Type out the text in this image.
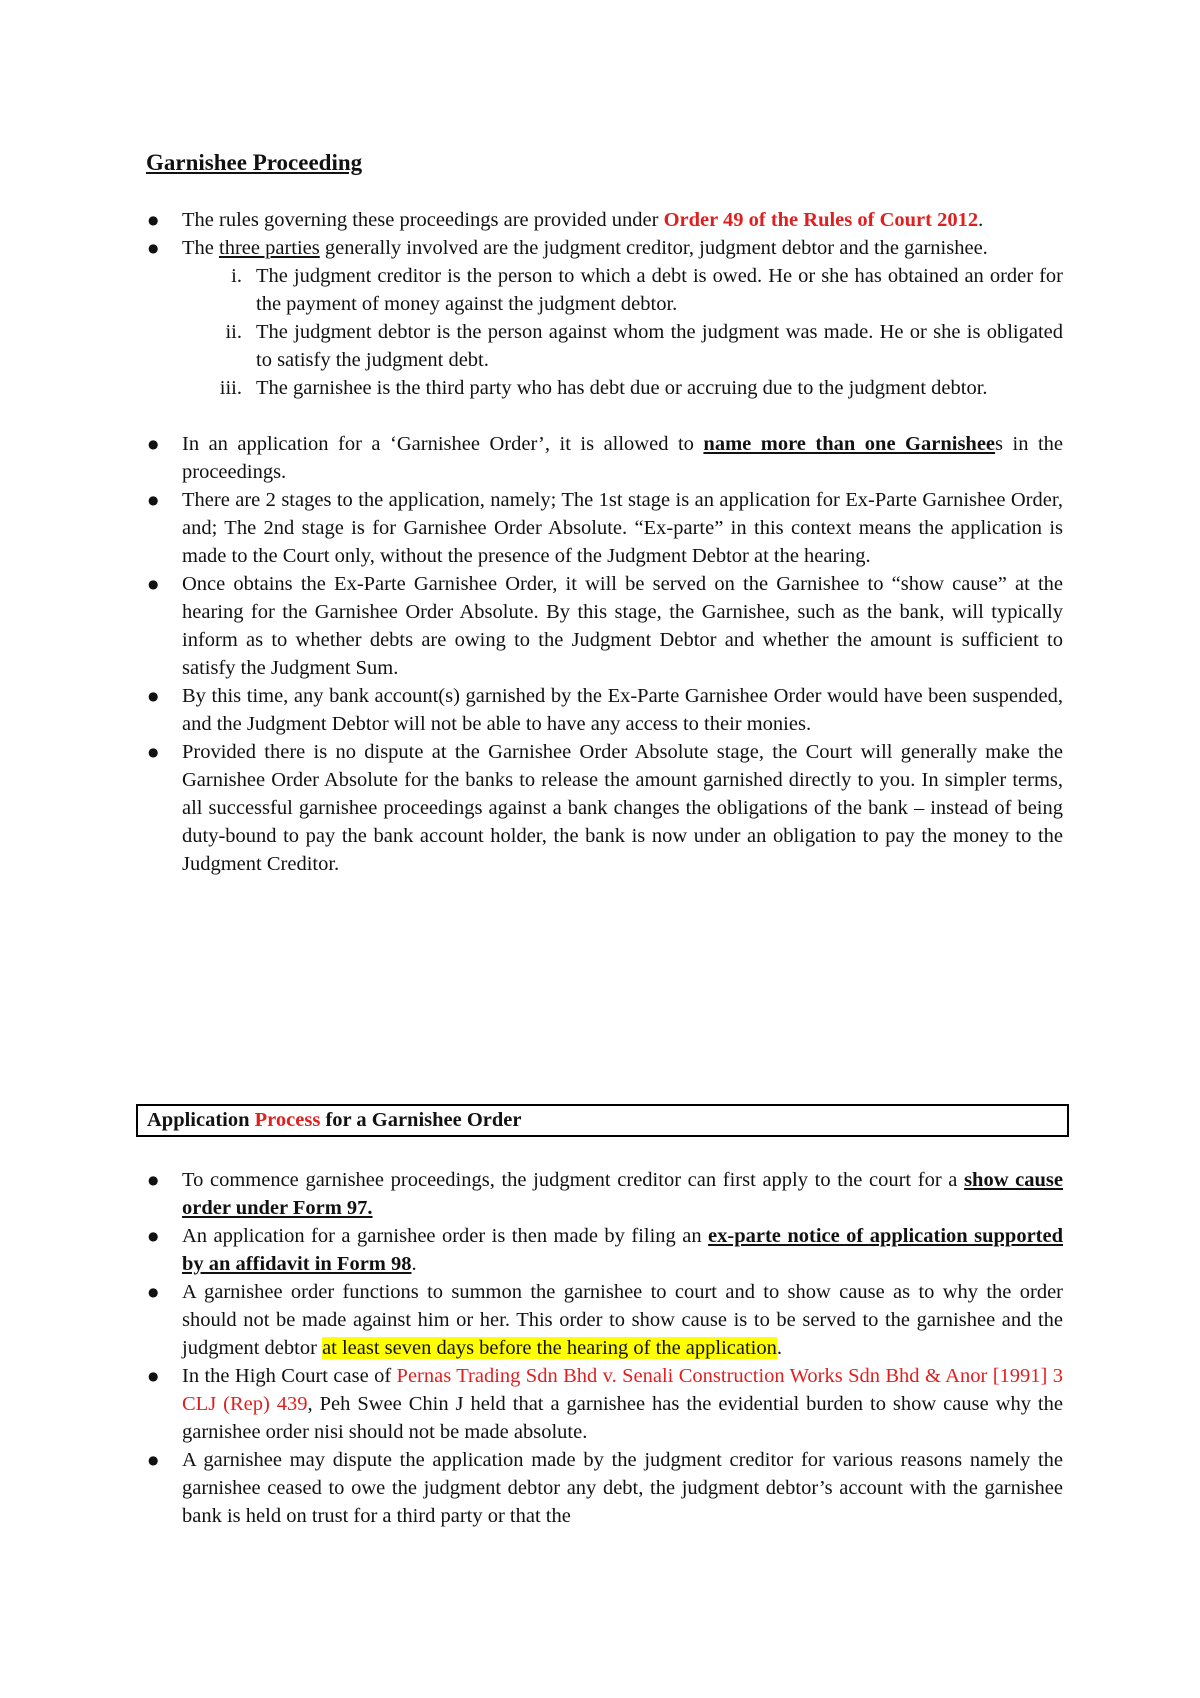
Garnishee Proceeding
● The rules governing these proceedings are provided under Order 49 of the Rules of Court 2012.
● The three parties generally involved are the judgment creditor, judgment debtor and the garnishee.
i. The judgment creditor is the person to which a debt is owed. He or she has obtained an order for the payment of money against the judgment debtor.
ii. The judgment debtor is the person against whom the judgment was made. He or she is obligated to satisfy the judgment debt.
iii. The garnishee is the third party who has debt due or accruing due to the judgment debtor.
● In an application for a ‘Garnishee Order’, it is allowed to name more than one Garnishees in the proceedings.
● There are 2 stages to the application, namely; The 1st stage is an application for Ex-Parte Garnishee Order, and; The 2nd stage is for Garnishee Order Absolute. “Ex-parte” in this context means the application is made to the Court only, without the presence of the Judgment Debtor at the hearing.
● Once obtains the Ex-Parte Garnishee Order, it will be served on the Garnishee to “show cause” at the hearing for the Garnishee Order Absolute. By this stage, the Garnishee, such as the bank, will typically inform as to whether debts are owing to the Judgment Debtor and whether the amount is sufficient to satisfy the Judgment Sum.
● By this time, any bank account(s) garnished by the Ex-Parte Garnishee Order would have been suspended, and the Judgment Debtor will not be able to have any access to their monies.
● Provided there is no dispute at the Garnishee Order Absolute stage, the Court will generally make the Garnishee Order Absolute for the banks to release the amount garnished directly to you. In simpler terms, all successful garnishee proceedings against a bank changes the obligations of the bank – instead of being duty-bound to pay the bank account holder, the bank is now under an obligation to pay the money to the Judgment Creditor.
Application Process for a Garnishee Order
● To commence garnishee proceedings, the judgment creditor can first apply to the court for a show cause order under Form 97.
● An application for a garnishee order is then made by filing an ex-parte notice of application supported by an affidavit in Form 98.
● A garnishee order functions to summon the garnishee to court and to show cause as to why the order should not be made against him or her. This order to show cause is to be served to the garnishee and the judgment debtor at least seven days before the hearing of the application.
● In the High Court case of Pernas Trading Sdn Bhd v. Senali Construction Works Sdn Bhd & Anor [1991] 3 CLJ (Rep) 439, Peh Swee Chin J held that a garnishee has the evidential burden to show cause why the garnishee order nisi should not be made absolute.
● A garnishee may dispute the application made by the judgment creditor for various reasons namely the garnishee ceased to owe the judgment debtor any debt, the judgment debtor’s account with the garnishee bank is held on trust for a third party or that the
